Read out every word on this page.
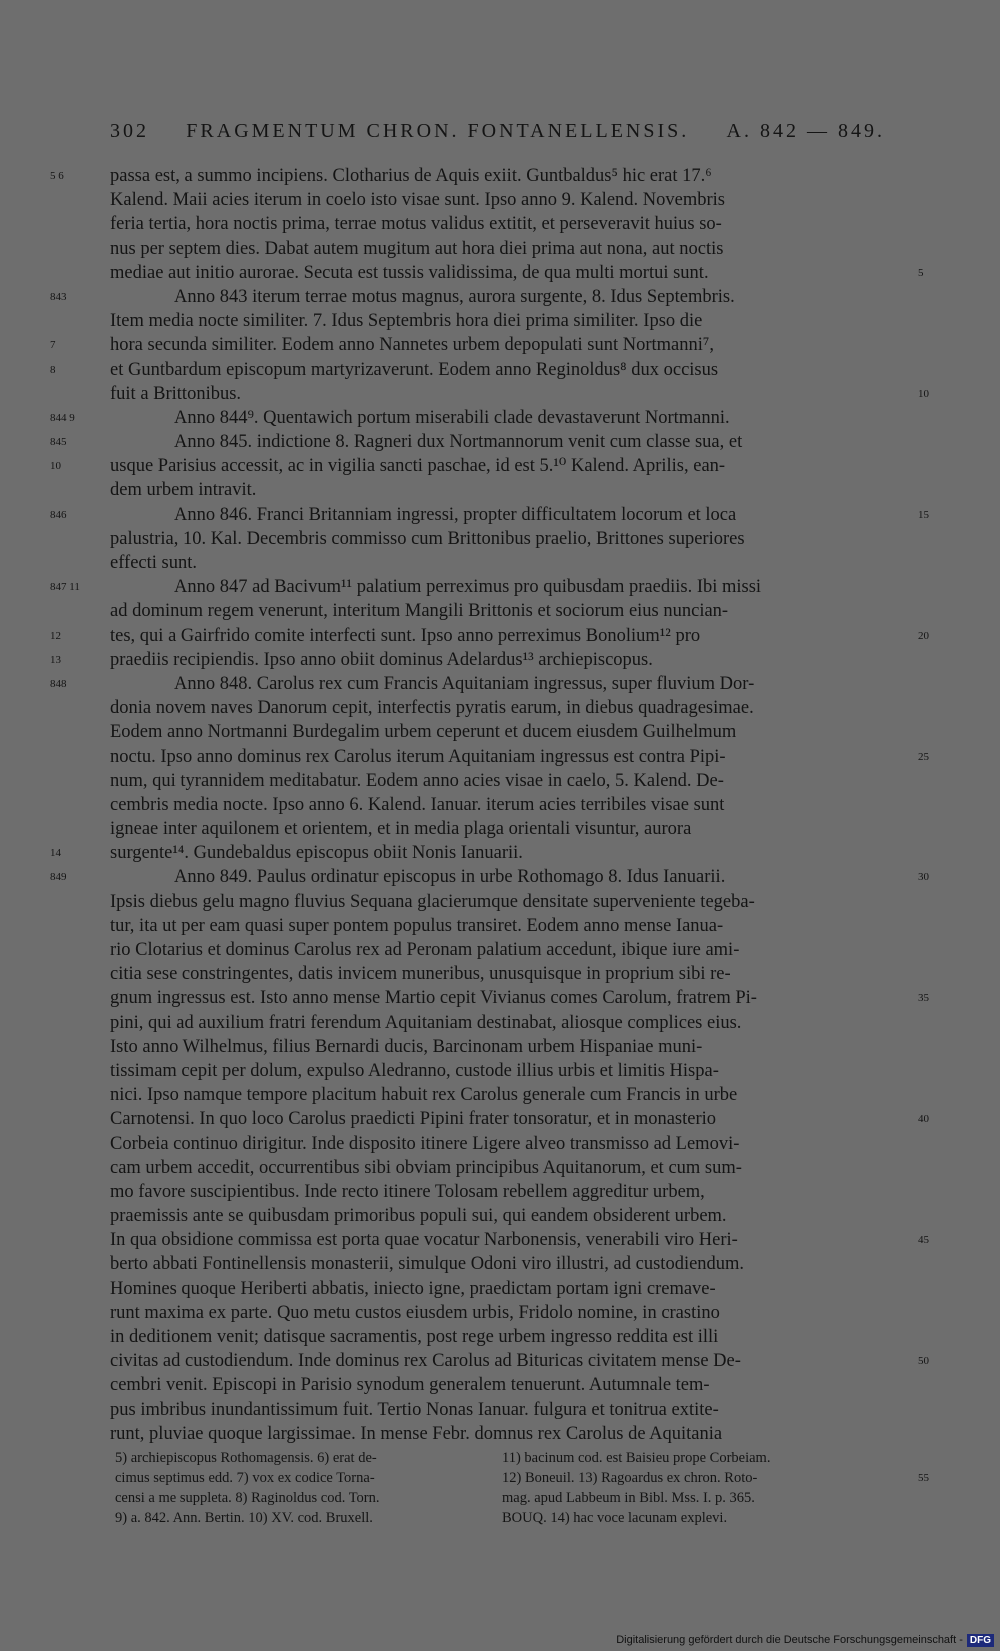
302 FRAGMENTUM CHRON. FONTANELLENSIS. A. 842 — 849.
5 6	passa est, a summo incipiens. Clotharius de Aquis exiit. Guntbaldus⁵ hic erat 17.⁶
Kalend. Maii acies iterum in coelo isto visae sunt. Ipso anno 9. Kalend. Novembris
feria tertia, hora noctis prima, terrae motus validus extitit, et perseveravit huius so-
nus per septem dies. Dabat autem mugitum aut hora diei prima aut nona, aut noctis
mediae aut initio aurorae. Secuta est tussis validissima, de qua multi mortui sunt.	5
843	Anno 843 iterum terrae motus magnus, aurora surgente, 8. Idus Septembris.
Item media nocte similiter. 7. Idus Septembris hora diei prima similiter. Ipso die
7	hora secunda similiter. Eodem anno Nannetes urbem depopulati sunt Nortmanni⁷,
8	et Guntbardum episcopum martyrizaverunt. Eodem anno Reginoldus⁸ dux occisus
fuit a Brittonibus.	10
844 9	Anno 844⁹. Quentawich portum miserabili clade devastaverunt Nortmanni.
845	Anno 845. indictione 8. Ragneri dux Nortmannorum venit cum classe sua, et
10	usque Parisius accessit, ac in vigilia sancti paschae, id est 5.¹⁰ Kalend. Aprilis, ean-
dem urbem intravit.
846	Anno 846. Franci Britanniam ingressi, propter difficultatem locorum et loca	15
palustria, 10. Kal. Decembris commisso cum Brittonibus praelio, Brittones superiores
effecti sunt.
847 11	Anno 847 ad Bacivum¹¹ palatium perreximus pro quibusdam praediis. Ibi missi
ad dominum regem venerunt, interitum Mangili Brittonis et sociorum eius nuncian-
12	tes, qui a Gairfrido comite interfecti sunt. Ipso anno perreximus Bonolium¹² pro	20
13	praediis recipiendis. Ipso anno obiit dominus Adelardus¹³ archiepiscopus.
848	Anno 848. Carolus rex cum Francis Aquitaniam ingressus, super fluvium Dor-
donia novem naves Danorum cepit, interfectis pyratis earum, in diebus quadragesimae.
Eodem anno Nortmanni Burdegalim urbem ceperunt et ducem eiusdem Guilhelmum
noctu. Ipso anno dominus rex Carolus iterum Aquitaniam ingressus est contra Pipi-	25
num, qui tyrannidem meditabatur. Eodem anno acies visae in caelo, 5. Kalend. De-
cembris media nocte. Ipso anno 6. Kalend. Ianuar. iterum acies terribiles visae sunt
igneae inter aquilonem et orientem, et in media plaga orientali visuntur, aurora
14	surgente¹⁴. Gundebaldus episcopus obiit Nonis Ianuarii.
849	Anno 849. Paulus ordinatur episcopus in urbe Rothomago 8. Idus Ianuarii.	30
Ipsis diebus gelu magno fluvius Sequana glacierumque densitate superveniente tegeba-
tur, ita ut per eam quasi super pontem populus transiret. Eodem anno mense Ianua-
rio Clotarius et dominus Carolus rex ad Peronam palatium accedunt, ibique iure ami-
citia sese constringentes, datis invicem muneribus, unusquisque in proprium sibi re-
gnum ingressus est. Isto anno mense Martio cepit Vivianus comes Carolum, fratrem Pi-	35
pini, qui ad auxilium fratri ferendum Aquitaniam destinabat, aliosque complices eius.
Isto anno Wilhelmus, filius Bernardi ducis, Barcinonam urbem Hispaniae muni-
tissimam cepit per dolum, expulso Aledranno, custode illius urbis et limitis Hispa-
nici. Ipso namque tempore placitum habuit rex Carolus generale cum Francis in urbe
Carnotensi. In quo loco Carolus praedicti Pipini frater tonsoratur, et in monasterio	40
Corbeia continuo dirigitur. Inde disposito itinere Ligere alveo transmisso ad Lemovi-
cam urbem accedit, occurrentibus sibi obviam principibus Aquitanorum, et cum sum-
mo favore suscipientibus. Inde recto itinere Tolosam rebellem aggreditur urbem,
praemissis ante se quibusdam primoribus populi sui, qui eandem obsiderent urbem.
In qua obsidione commissa est porta quae vocatur Narbonensis, venerabili viro Heri-	45
berto abbati Fontinellensis monasterii, simulque Odoni viro illustri, ad custodiendum.
Homines quoque Heriberti abbatis, iniecto igne, praedictam portam igni cremave-
runt maxima ex parte. Quo metu custos eiusdem urbis, Fridolo nomine, in crastino
in deditionem venit; datisque sacramentis, post rege urbem ingresso reddita est illi
civitas ad custodiendum. Inde dominus rex Carolus ad Bituricas civitatem mense De-	50
cembri venit. Episcopi in Parisio synodum generalem tenuerunt. Autumnale tem-
pus imbribus inundantissimum fuit. Tertio Nonas Ianuar. fulgura et tonitrua extite-
runt, pluviae quoque largissimae. In mense Febr. domnus rex Carolus de Aquitania
5) archiepiscopus Rothomagensis. 6) erat de-
cimus septimus edd. 7) vox ex codice Torna-
censi a me suppleta. 8) Raginoldus cod. Torn.
9) a. 842. Ann. Bertin. 10) XV. cod. Bruxell.
11) bacinum cod. est Baisieu prope Corbeiam.
12) Boneuil. 13) Ragoardus ex chron. Roto-
mag. apud Labbeum in Bibl. Mss. I. p. 365.
BOUQ. 14) hac voce lacunam explevi.
55
Digitalisierung gefördert durch die Deutsche Forschungsgemeinschaft - DFG
